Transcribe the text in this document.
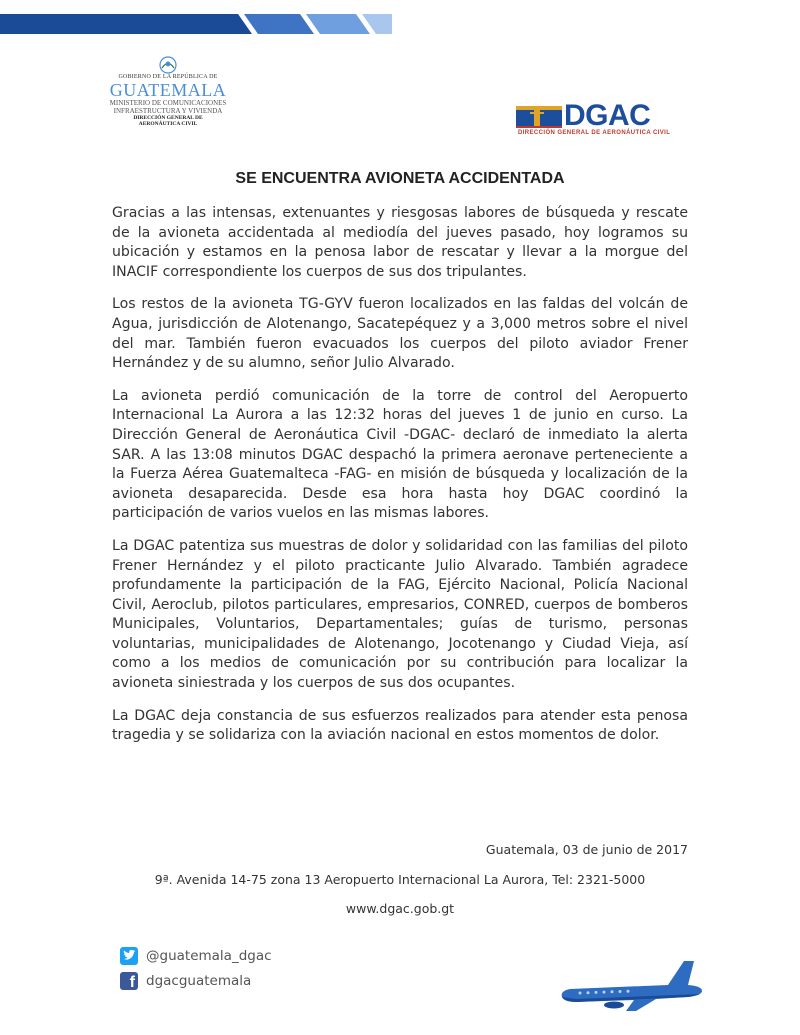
GOBIERNO DE LA REPÚBLICA DE
GUATEMALA
MINISTERIO DE COMUNICACIONES
INFRAESTRUCTURA Y VIVIENDA
DIRECCIÓN GENERAL DE
AERONÁUTICA CIVIL	DGAC
DIRECCIÓN GENERAL DE AERONÁUTICA CIVIL
SE ENCUENTRA AVIONETA ACCIDENTADA

Gracias a las intensas, extenuantes y riesgosas labores de búsqueda y rescate de la avioneta accidentada al mediodía del jueves pasado, hoy logramos su ubicación y estamos en la penosa labor de rescatar y llevar a la morgue del INACIF correspondiente los cuerpos de sus dos tripulantes.

Los restos de la avioneta TG-GYV fueron localizados en las faldas del volcán de Agua, jurisdicción de Alotenango, Sacatepéquez y a 3,000 metros sobre el nivel del mar. También fueron evacuados los cuerpos del piloto aviador Frener Hernández y de su alumno, señor Julio Alvarado.

La avioneta perdió comunicación de la torre de control del Aeropuerto Internacional La Aurora a las 12:32 horas del jueves 1 de junio en curso. La Dirección General de Aeronáutica Civil -DGAC- declaró de inmediato la alerta SAR. A las 13:08 minutos DGAC despachó la primera aeronave perteneciente a la Fuerza Aérea Guatemalteca -FAG- en misión de búsqueda y localización de la avioneta desaparecida. Desde esa hora hasta hoy DGAC coordinó la participación de varios vuelos en las mismas labores.

La DGAC patentiza sus muestras de dolor y solidaridad con las familias del piloto Frener Hernández y el piloto practicante Julio Alvarado. También agradece profundamente la participación de la FAG, Ejército Nacional, Policía Nacional Civil, Aeroclub, pilotos particulares, empresarios, CONRED, cuerpos de bomberos Municipales, Voluntarios, Departamentales; guías de turismo, personas voluntarias, municipalidades de Alotenango, Jocotenango y Ciudad Vieja, así como a los medios de comunicación por su contribución para localizar la avioneta siniestrada y los cuerpos de sus dos ocupantes.

La DGAC deja constancia de sus esfuerzos realizados para atender esta penosa tragedia y se solidariza con la aviación nacional en estos momentos de dolor.

Guatemala, 03 de junio de 2017
9ª. Avenida 14-75 zona 13 Aeropuerto Internacional La Aurora, Tel: 2321-5000
www.dgac.gob.gt
@guatemala_dgac
f dgacguatemala
